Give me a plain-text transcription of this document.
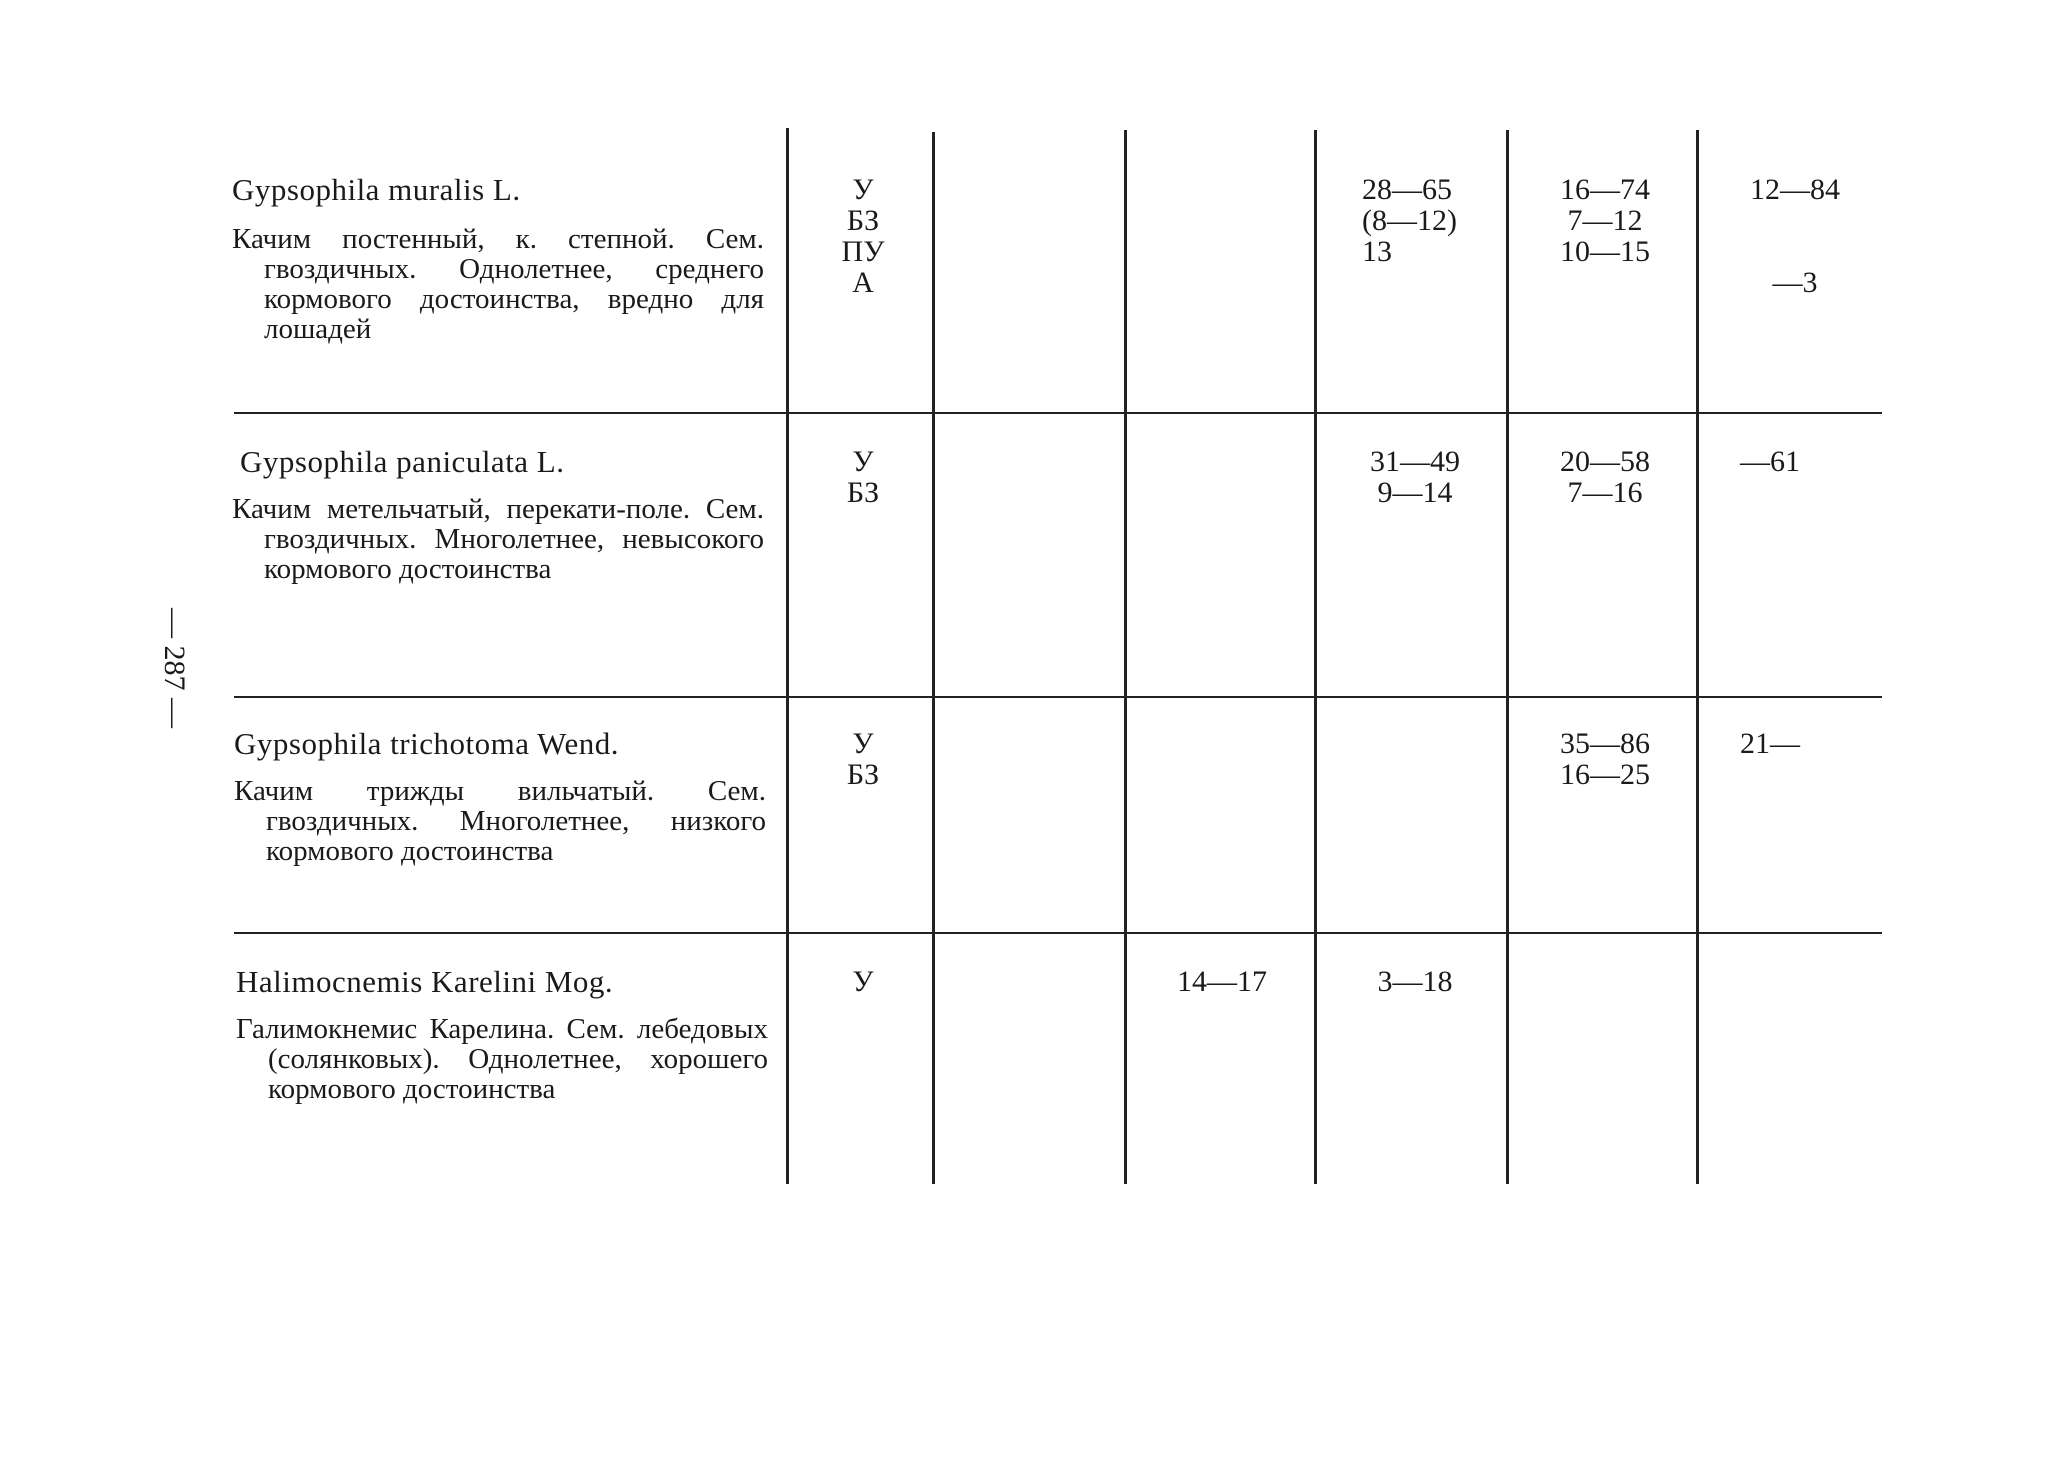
— 287 —
Gypsophila muralis L.
Качим постенный, к. степной. Сем. гвоздичных. Однолетнее, среднего кормового достоинства, вредно для лошадей
У
БЗ
ПУ
А
28—65
(8—12)
13
16—74
7—12
10—15
12—84

—3
Gypsophila paniculata L.
Качим метельчатый, перекати-поле. Сем. гвоздичных. Многолетнее, невысокого кормового достоинства
У
БЗ
31—49
9—14
20—58
7—16
—61
Gypsophila trichotoma Wend.
Качим трижды вильчатый. Сем. гвоздичных. Многолетнее, низкого кормового достоинства
У
БЗ
35—86
16—25
21—
Halimocnemis Karelini Mog.
Галимокнемис Карелина. Сем. лебедовых (солянковых). Однолетнее, хорошего кормового достоинства
У	14—17	3—18
